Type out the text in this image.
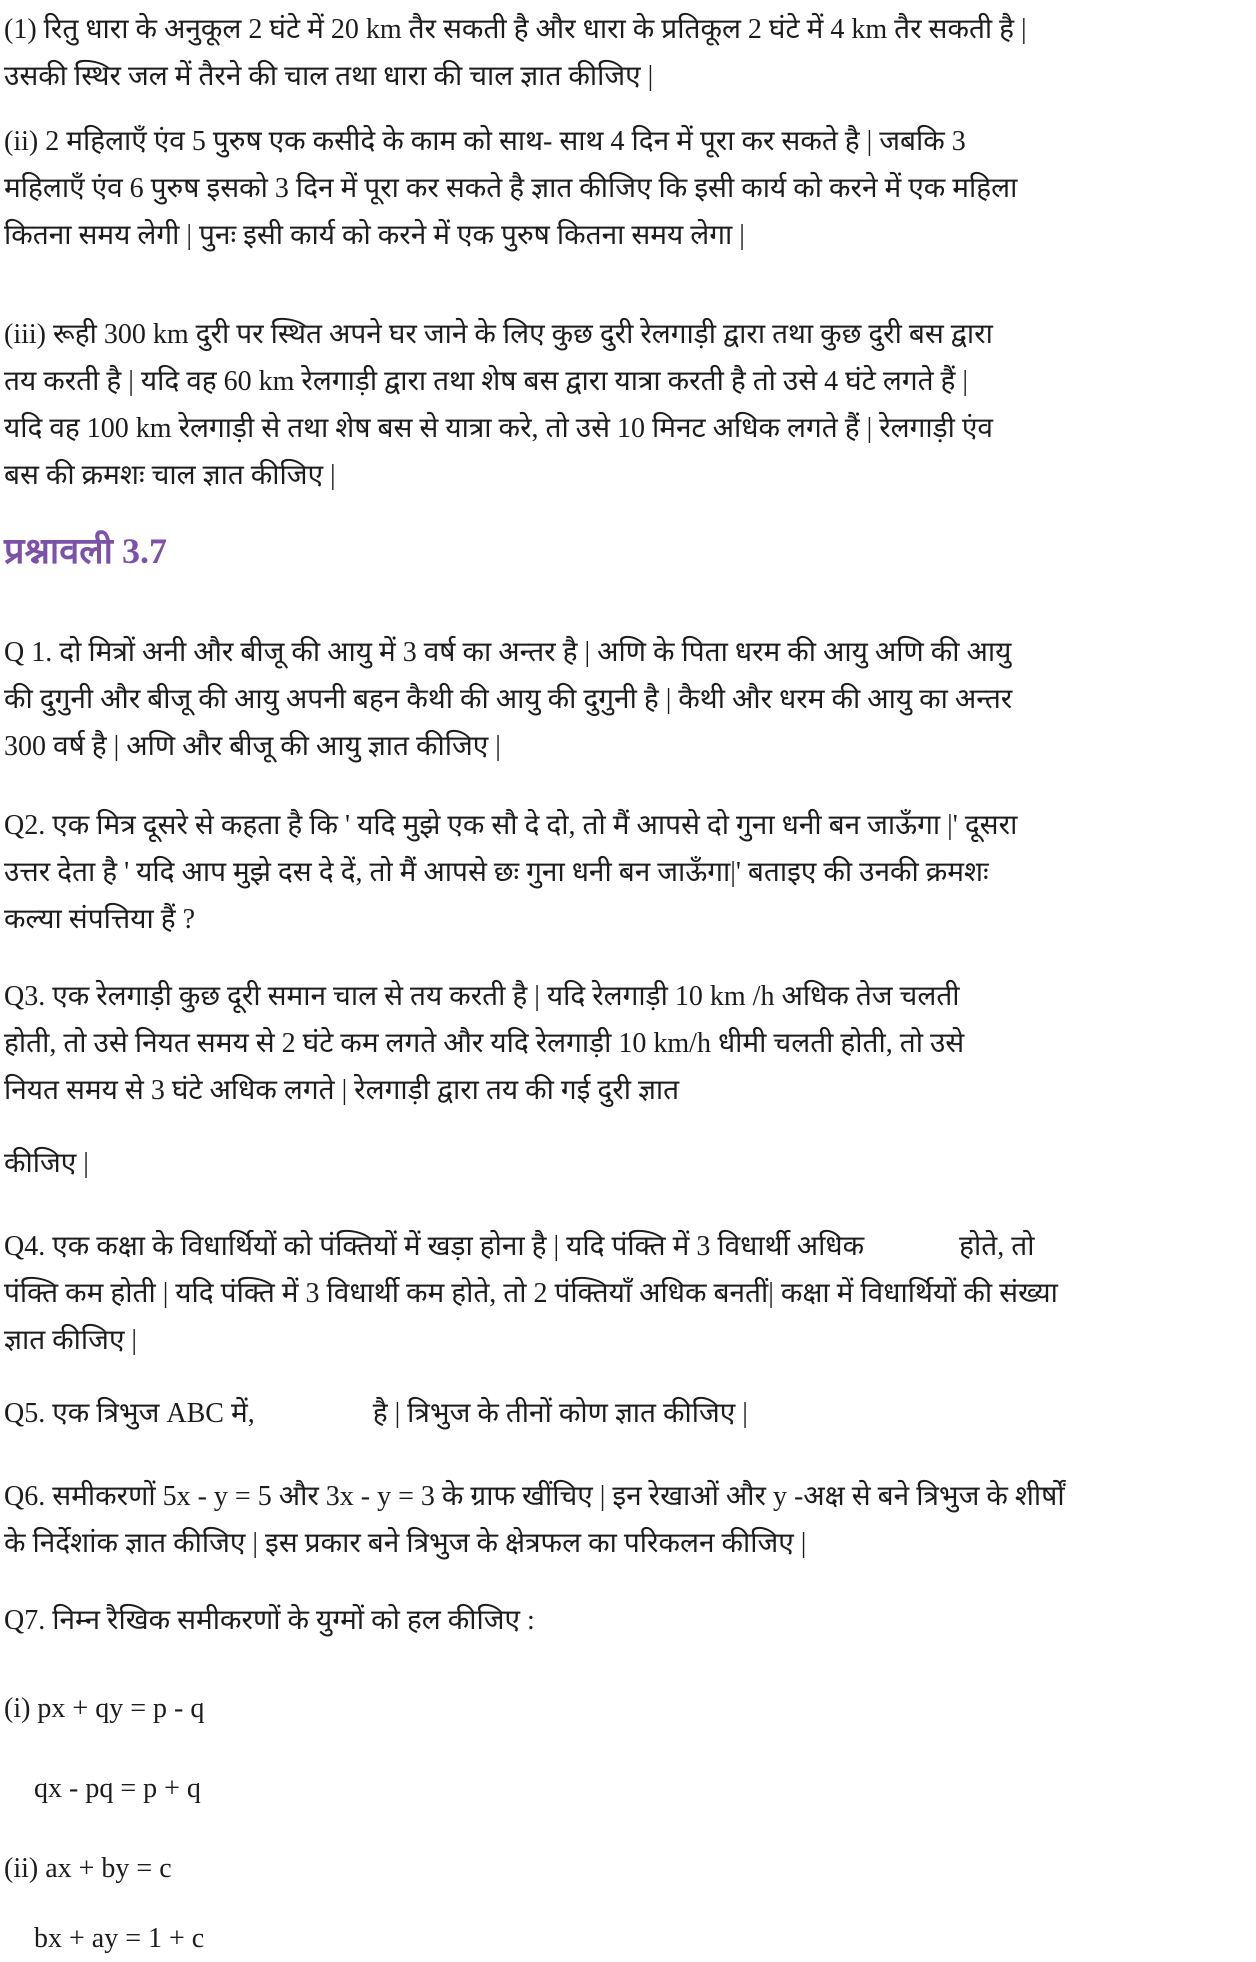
(1) रितु धारा के अनुकूल 2 घंटे में 20 km तैर सकती है और धारा के प्रतिकूल 2 घंटे में 4 km तैर सकती है |
उसकी स्थिर जल में तैरने की चाल तथा धारा की चाल ज्ञात कीजिए |

(ii) 2 महिलाएँ एंव 5 पुरुष एक कसीदे के काम को साथ- साथ 4 दिन में पूरा कर सकते है | जबकि 3
महिलाएँ एंव 6 पुरुष इसको 3 दिन में पूरा कर सकते है ज्ञात कीजिए कि इसी कार्य को करने में एक महिला
कितना समय लेगी | पुनः इसी कार्य को करने में एक पुरुष कितना समय लेगा |

(iii) रूही 300 km दुरी पर स्थित अपने घर जाने के लिए कुछ दुरी रेलगाड़ी द्वारा तथा कुछ दुरी बस द्वारा
तय करती है | यदि वह 60 km रेलगाड़ी द्वारा तथा शेष बस द्वारा यात्रा करती है तो उसे 4 घंटे लगते हैं |
यदि वह 100 km रेलगाड़ी से तथा शेष बस से यात्रा करे, तो उसे 10 मिनट अधिक लगते हैं | रेलगाड़ी एंव
बस की क्रमशः चाल ज्ञात कीजिए |

प्रश्नावली 3.7

Q 1. दो मित्रों अनी और बीजू की आयु में 3 वर्ष का अन्तर है | अणि के पिता धरम की आयु अणि की आयु
की दुगुनी और बीजू की आयु अपनी बहन कैथी की आयु की दुगुनी है | कैथी और धरम की आयु का अन्तर
300 वर्ष है | अणि और बीजू की आयु ज्ञात कीजिए |

Q2. एक मित्र दूसरे से कहता है कि ' यदि मुझे एक सौ दे दो, तो मैं आपसे दो गुना धनी बन जाऊँगा |' दूसरा
उत्तर देता है ' यदि आप मुझे दस दे दें, तो मैं आपसे छः गुना धनी बन जाऊँगा|' बताइए की उनकी क्रमशः
कल्या संपत्तिया हैं ?

Q3. एक रेलगाड़ी कुछ दूरी समान चाल से तय करती है | यदि रेलगाड़ी 10 km /h अधिक तेज चलती
होती, तो उसे नियत समय से 2 घंटे कम लगते और यदि रेलगाड़ी 10 km/h धीमी चलती होती, तो उसे
नियत समय से 3 घंटे अधिक लगते | रेलगाड़ी द्वारा तय की गई दुरी ज्ञात

कीजिए |

Q4. एक कक्षा के विधार्थियों को पंक्तियों में खड़ा होना है | यदि पंक्ति में 3 विधार्थी अधिक	होते, तो
पंक्ति कम होती | यदि पंक्ति में 3 विधार्थी कम होते, तो 2 पंक्तियाँ अधिक बनतीं| कक्षा में विधार्थियों की संख्या
ज्ञात कीजिए |

Q5. एक त्रिभुज ABC में,	है | त्रिभुज के तीनों कोण ज्ञात कीजिए |

Q6. समीकरणों 5x - y = 5 और 3x - y = 3 के ग्राफ खींचिए | इन रेखाओं और y -अक्ष से बने त्रिभुज के शीर्षों
के निर्देशांक ज्ञात कीजिए | इस प्रकार बने त्रिभुज के क्षेत्रफल का परिकलन कीजिए |

Q7. निम्न रैखिक समीकरणों के युग्मों को हल कीजिए :

(i) px + qy = p - q

qx - pq = p + q

(ii) ax + by = c

bx + ay = 1 + c
